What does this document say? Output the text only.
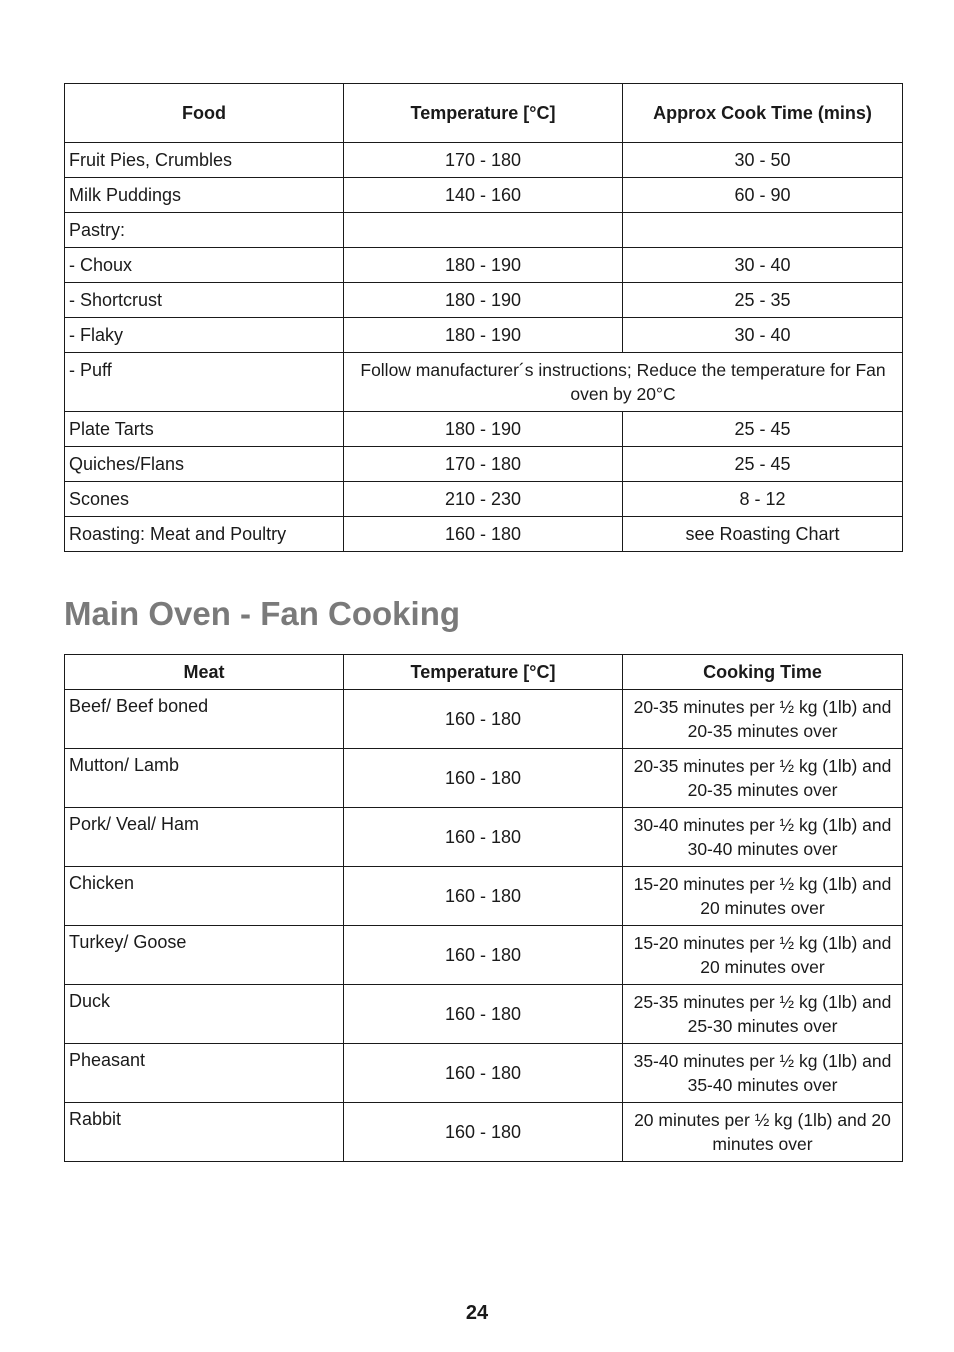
Food	Temperature [°C]	Approx Cook Time (mins)
Fruit Pies, Crumbles	170 - 180	30 - 50
Milk Puddings	140 - 160	60 - 90
Pastry:		
- Choux	180 - 190	30 - 40
- Shortcrust	180 - 190	25 - 35
- Flaky	180 - 190	30 - 40
- Puff	Follow manufacturer´s instructions; Reduce the temperature for Fan oven by 20°C	
Plate Tarts	180 - 190	25 - 45
Quiches/Flans	170 - 180	25 - 45
Scones	210 - 230	8 - 12
Roasting: Meat and Poultry	160 - 180	see Roasting Chart
Main Oven - Fan Cooking
Meat	Temperature [°C]	Cooking Time
Beef/ Beef boned	160 - 180	20-35 minutes per ½ kg (1lb) and 20-35 minutes over
Mutton/ Lamb	160 - 180	20-35 minutes per ½ kg (1lb) and 20-35 minutes over
Pork/ Veal/ Ham	160 - 180	30-40 minutes per ½ kg (1lb) and 30-40 minutes over
Chicken	160 - 180	15-20 minutes per ½ kg (1lb) and 20 minutes over
Turkey/ Goose	160 - 180	15-20 minutes per ½ kg (1lb) and 20 minutes over
Duck	160 - 180	25-35 minutes per ½ kg (1lb) and 25-30 minutes over
Pheasant	160 - 180	35-40 minutes per ½ kg (1lb) and 35-40 minutes over
Rabbit	160 - 180	20 minutes per ½ kg (1lb) and 20 minutes over
24
